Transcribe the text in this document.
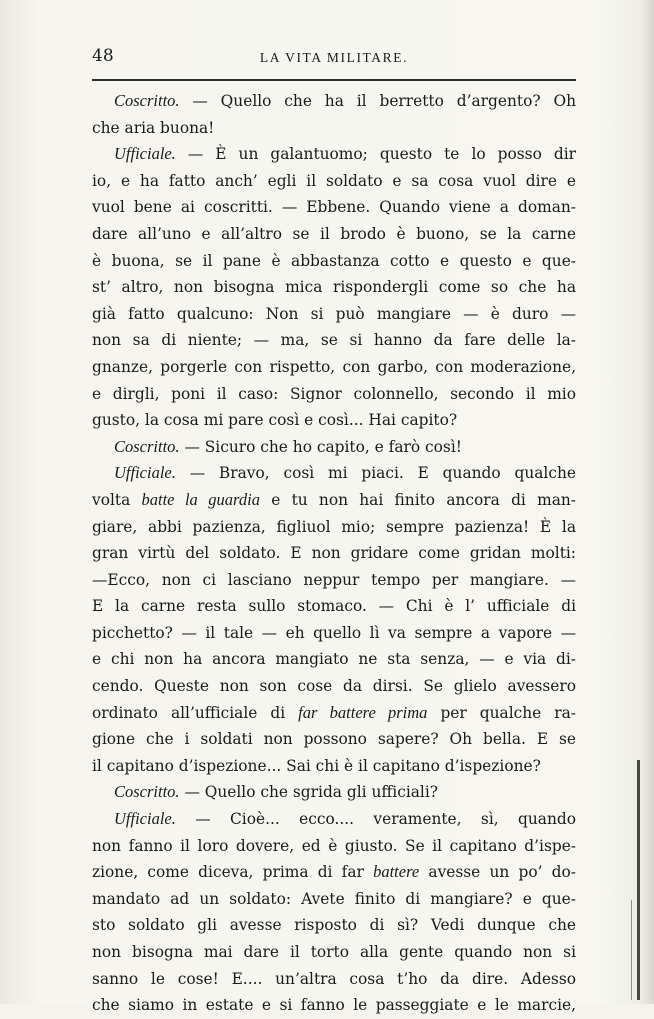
48	LA VITA MILITARE.
Coscritto. — Quello che ha il berretto d’argento? Oh
che aria buona!
Ufficiale. — È un galantuomo; questo te lo posso dir
io, e ha fatto anch’ egli il soldato e sa cosa vuol dire e
vuol bene ai coscritti. — Ebbene. Quando viene a doman-
dare all’uno e all’altro se il brodo è buono, se la carne
è buona, se il pane è abbastanza cotto e questo e que-
st’ altro, non bisogna mica rispondergli come so che ha
già fatto qualcuno: Non si può mangiare — è duro —
non sa di niente; — ma, se si hanno da fare delle la-
gnanze, porgerle con rispetto, con garbo, con moderazione,
e dirgli, poni il caso: Signor colonnello, secondo il mio
gusto, la cosa mi pare così e così... Hai capito?
Coscritto. — Sicuro che ho capito, e farò così!
Ufficiale. — Bravo, così mi piaci. E quando qualche
volta batte la guardia e tu non hai finito ancora di man-
giare, abbi pazienza, figliuol mio; sempre pazienza! È la
gran virtù del soldato. E non gridare come gridan molti:
—Ecco, non ci lasciano neppur tempo per mangiare. —
E la carne resta sullo stomaco. — Chi è l’ ufficiale di
picchetto? — il tale — eh quello lì va sempre a vapore —
e chi non ha ancora mangiato ne sta senza, — e via di-
cendo. Queste non son cose da dirsi. Se glielo avessero
ordinato all’ufficiale di far battere prima per qualche ra-
gione che i soldati non possono sapere? Oh bella. E se
il capitano d’ispezione... Sai chi è il capitano d’ispezione?
Coscritto. — Quello che sgrida gli ufficiali?
Ufficiale. — Cioè... ecco.... veramente, sì, quando
non fanno il loro dovere, ed è giusto. Se il capitano d’ispe-
zione, come diceva, prima di far battere avesse un po’ do-
mandato ad un soldato: Avete finito di mangiare? e que-
sto soldato gli avesse risposto di sì? Vedi dunque che
non bisogna mai dare il torto alla gente quando non si
sanno le cose! E.... un’altra cosa t’ho da dire. Adesso
che siamo in estate e si fanno le passeggiate e le marcie,
